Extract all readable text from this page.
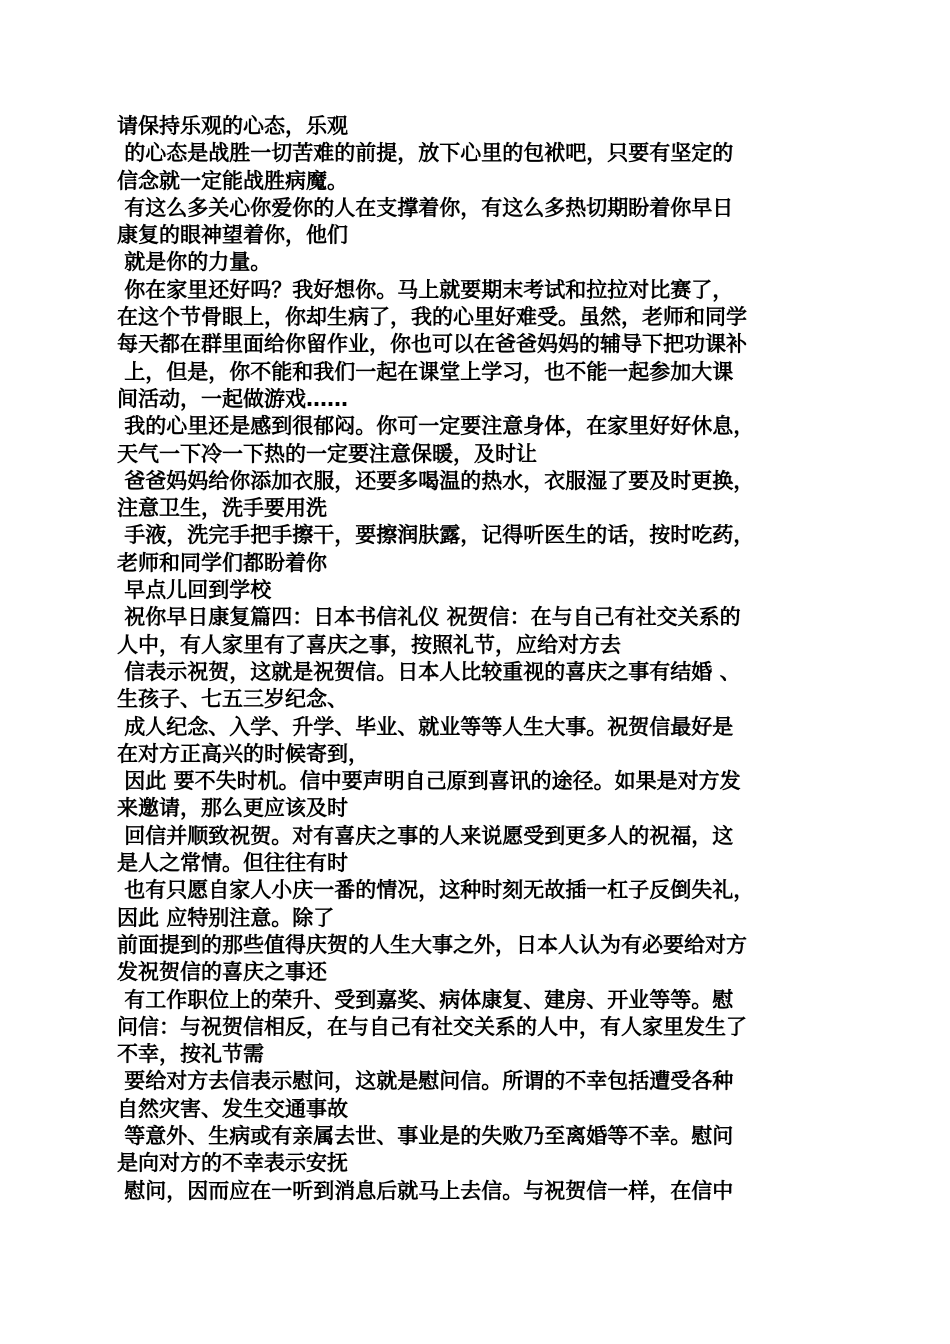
请保持乐观的心态，乐观
的心态是战胜一切苦难的前提，放下心里的包袱吧，只要有坚定的
信念就一定能战胜病魔。
有这么多关心你爱你的人在支撑着你，有这么多热切期盼着你早日
康复的眼神望着你，他们
就是你的力量。
你在家里还好吗？我好想你。马上就要期末考试和拉拉对比赛了，
在这个节骨眼上，你却生病了，我的心里好难受。虽然，老师和同学
每天都在群里面给你留作业，你也可以在爸爸妈妈的辅导下把功课补
上，但是，你不能和我们一起在课堂上学习，也不能一起参加大课
间活动，一起做游戏……
我的心里还是感到很郁闷。你可一定要注意身体，在家里好好休息，
天气一下冷一下热的一定要注意保暖，及时让
爸爸妈妈给你添加衣服，还要多喝温的热水，衣服湿了要及时更换，
注意卫生，洗手要用洗
手液，洗完手把手擦干，要擦润肤露，记得听医生的话，按时吃药，
老师和同学们都盼着你
早点儿回到学校
祝你早日康复篇四：日本书信礼仪 祝贺信：在与自己有社交关系的
人中，有人家里有了喜庆之事，按照礼节，应给对方去
信表示祝贺，这就是祝贺信。日本人比较重视的喜庆之事有结婚 、
生孩子、七五三岁纪念、
成人纪念、入学、升学、毕业、就业等等人生大事。祝贺信最好是
在对方正高兴的时候寄到，
因此 要不失时机。信中要声明自己原到喜讯的途径。如果是对方发
来邀请，那么更应该及时
回信并顺致祝贺。对有喜庆之事的人来说愿受到更多人的祝福，这
是人之常情。但往往有时
也有只愿自家人小庆一番的情况，这种时刻无故插一杠子反倒失礼，
因此 应特别注意。除了
前面提到的那些值得庆贺的人生大事之外，日本人认为有必要给对方
发祝贺信的喜庆之事还
有工作职位上的荣升、受到嘉奖、病体康复、建房、开业等等。慰
问信：与祝贺信相反，在与自己有社交关系的人中，有人家里发生了
不幸，按礼节需
要给对方去信表示慰问，这就是慰问信。所谓的不幸包括遭受各种
自然灾害、发生交通事故
等意外、生病或有亲属去世、事业是的失败乃至离婚等不幸。慰问
是向对方的不幸表示安抚
慰问，因而应在一听到消息后就马上去信。与祝贺信一样，在信中
